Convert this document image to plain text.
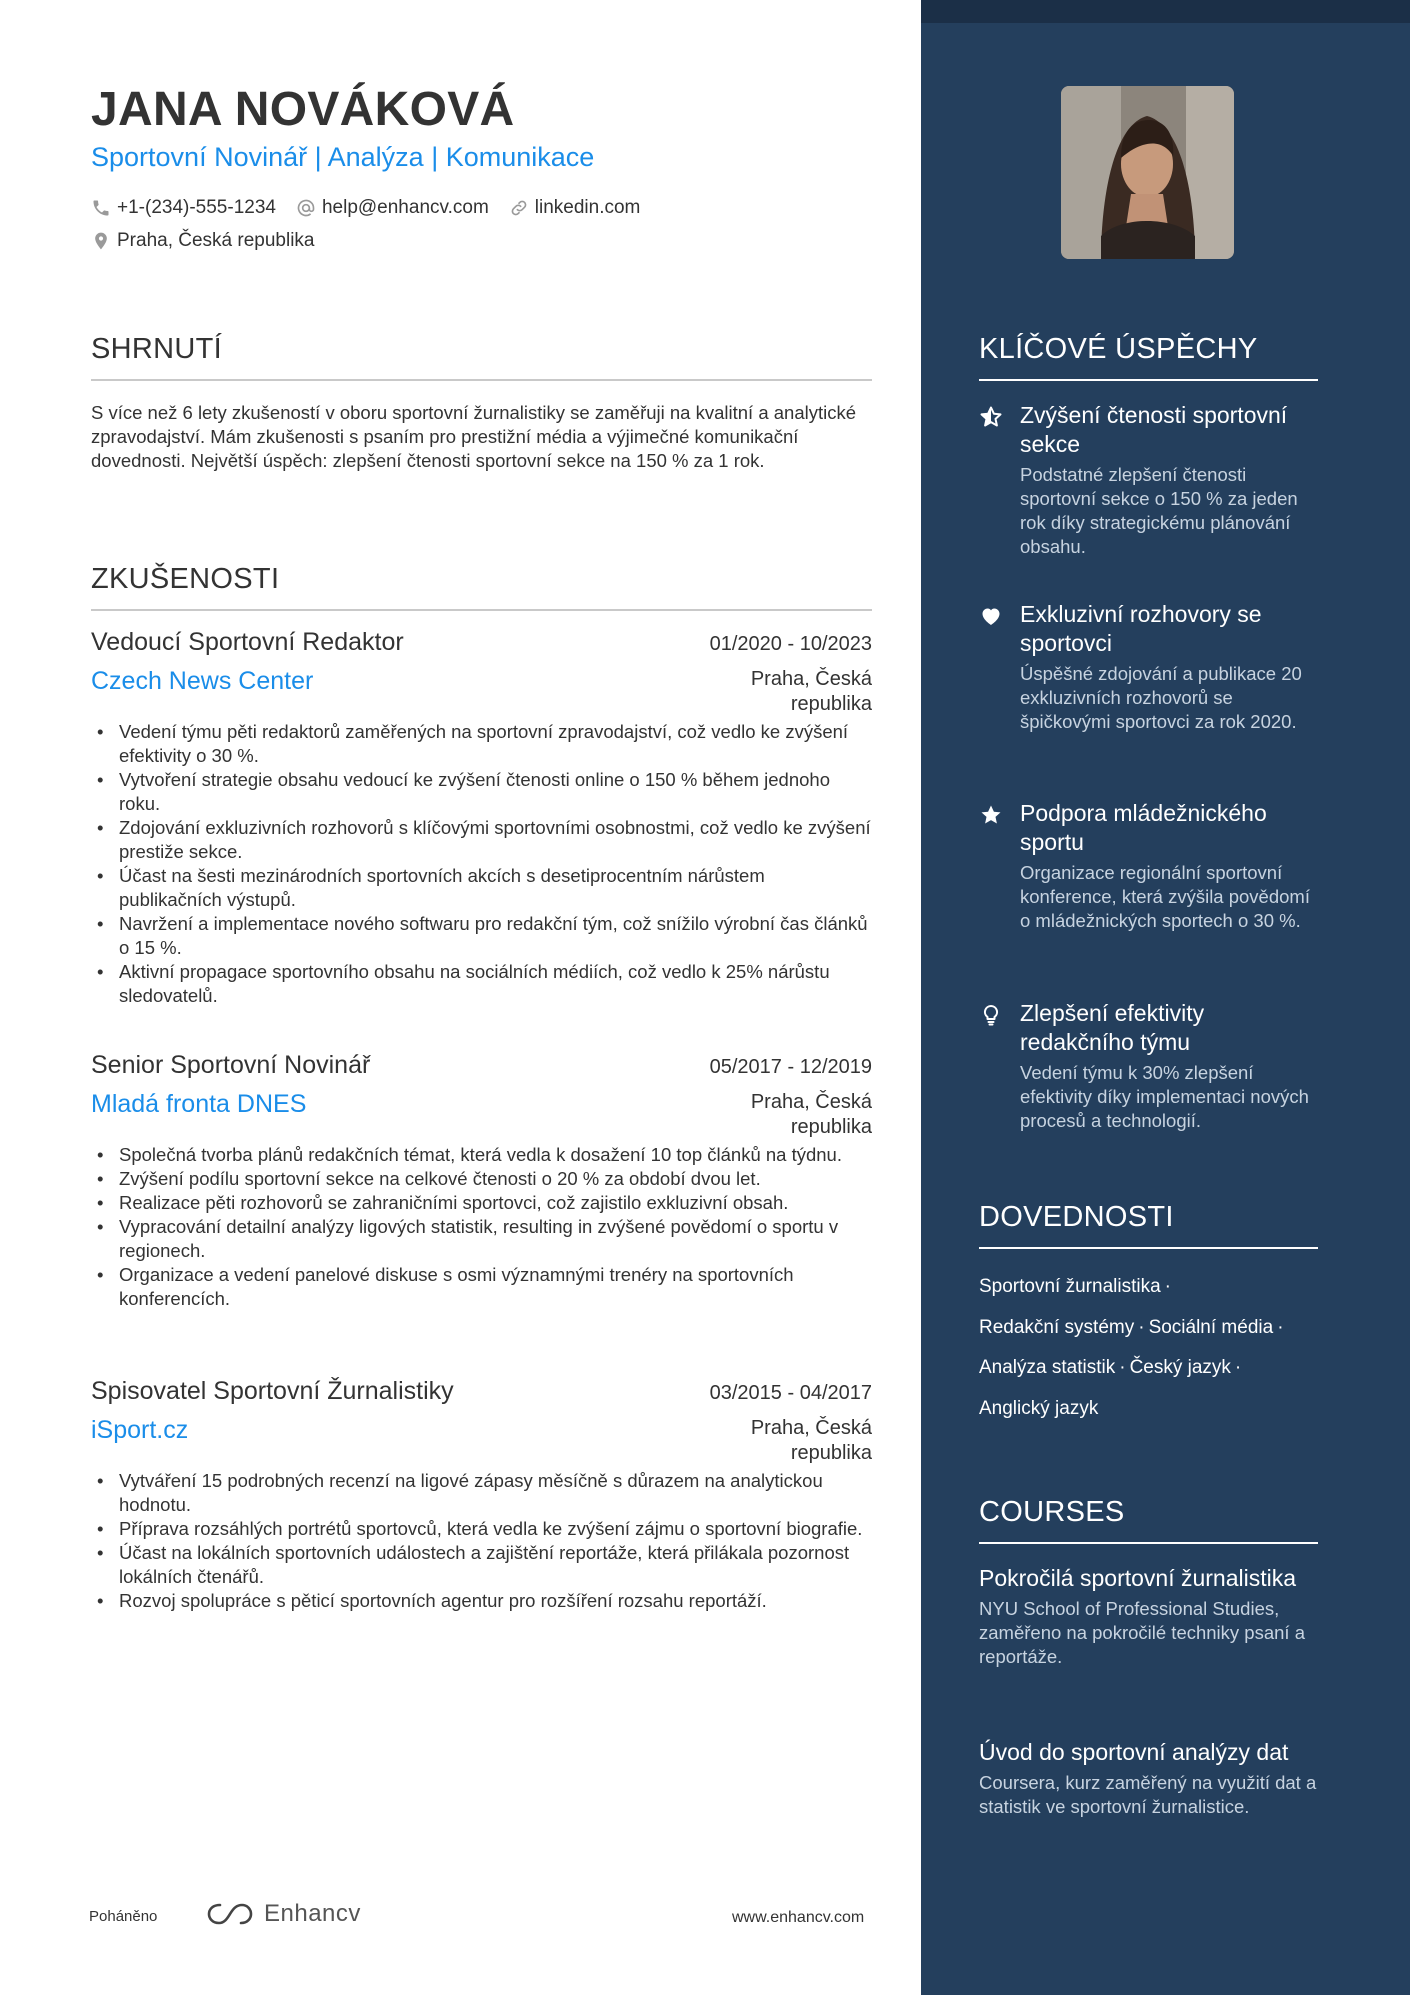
JANA NOVÁKOVÁ
Sportovní Novinář | Analýza | Komunikace
+1-(234)-555-1234 help@enhancv.com linkedin.com
Praha, Česká republika
SHRNUTÍ
S více než 6 lety zkušeností v oboru sportovní žurnalistiky se zaměřuji na kvalitní a analytické zpravodajství. Mám zkušenosti s psaním pro prestižní média a výjimečné komunikační dovednosti. Největší úspěch: zlepšení čtenosti sportovní sekce na 150 % za 1 rok.
ZKUŠENOSTI
Vedoucí Sportovní Redaktor	01/2020 - 10/2023
Czech News Center	Praha, Česká republika
• Vedení týmu pěti redaktorů zaměřených na sportovní zpravodajství, což vedlo ke zvýšení efektivity o 30 %.
• Vytvoření strategie obsahu vedoucí ke zvýšení čtenosti online o 150 % během jednoho roku.
• Zdojování exkluzivních rozhovorů s klíčovými sportovními osobnostmi, což vedlo ke zvýšení prestiže sekce.
• Účast na šesti mezinárodních sportovních akcích s desetiprocentním nárůstem publikačních výstupů.
• Navržení a implementace nového softwaru pro redakční tým, což snížilo výrobní čas článků o 15 %.
• Aktivní propagace sportovního obsahu na sociálních médiích, což vedlo k 25% nárůstu sledovatelů.
Senior Sportovní Novinář	05/2017 - 12/2019
Mladá fronta DNES	Praha, Česká republika
• Společná tvorba plánů redakčních témat, která vedla k dosažení 10 top článků na týdnu.
• Zvýšení podílu sportovní sekce na celkové čtenosti o 20 % za období dvou let.
• Realizace pěti rozhovorů se zahraničními sportovci, což zajistilo exkluzivní obsah.
• Vypracování detailní analýzy ligových statistik, resulting in zvýšené povědomí o sportu v regionech.
• Organizace a vedení panelové diskuse s osmi významnými trenéry na sportovních konferencích.
Spisovatel Sportovní Žurnalistiky	03/2015 - 04/2017
iSport.cz	Praha, Česká republika
• Vytváření 15 podrobných recenzí na ligové zápasy měsíčně s důrazem na analytickou hodnotu.
• Příprava rozsáhlých portrétů sportovců, která vedla ke zvýšení zájmu o sportovní biografie.
• Účast na lokálních sportovních událostech a zajištění reportáže, která přilákala pozornost lokálních čtenářů.
• Rozvoj spolupráce s pěticí sportovních agentur pro rozšíření rozsahu reportáží.
Poháněno	Enhancv	www.enhancv.com
KLÍČOVÉ ÚSPĚCHY
Zvýšení čtenosti sportovní sekce
Podstatné zlepšení čtenosti sportovní sekce o 150 % za jeden rok díky strategickému plánování obsahu.
Exkluzivní rozhovory se sportovci
Úspěšné zdojování a publikace 20 exkluzivních rozhovorů se špičkovými sportovci za rok 2020.
Podpora mládežnického sportu
Organizace regionální sportovní konference, která zvýšila povědomí o mládežnických sportech o 30 %.
Zlepšení efektivity redakčního týmu
Vedení týmu k 30% zlepšení efektivity díky implementaci nových procesů a technologií.
DOVEDNOSTI
Sportovní žurnalistika ·
Redakční systémy · Sociální média ·
Analýza statistik · Český jazyk ·
Anglický jazyk
COURSES
Pokročilá sportovní žurnalistika
NYU School of Professional Studies, zaměřeno na pokročilé techniky psaní a reportáže.
Úvod do sportovní analýzy dat
Coursera, kurz zaměřený na využití dat a statistik ve sportovní žurnalistice.
